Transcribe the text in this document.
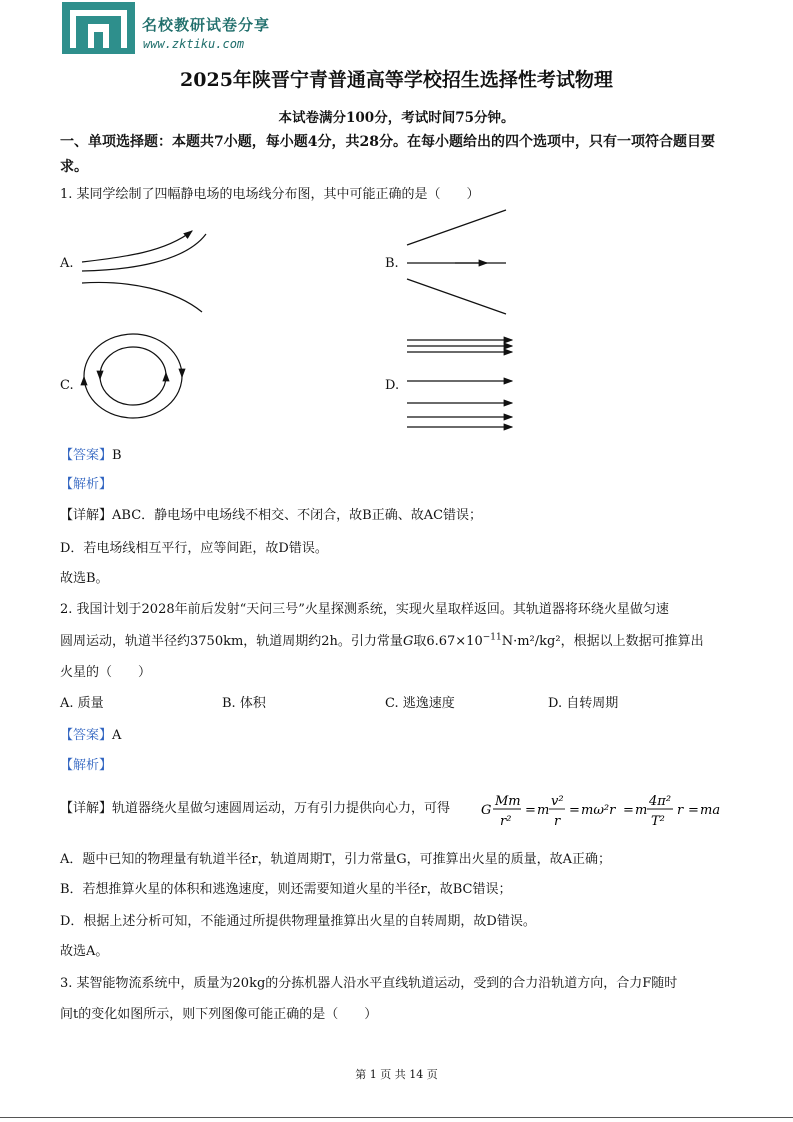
名校教研试卷分享
www.zktiku.com
2025年陕晋宁青普通高等学校招生选择性考试物理
本试卷满分100分，考试时间75分钟。
一、单项选择题：本题共7小题，每小题4分，共28分。在每小题给出的四个选项中，只有一项符合题目要求。
1. 某同学绘制了四幅静电场的电场线分布图，其中可能正确的是（　　）
A.	B.
C.	D.
【答案】B
【解析】
【详解】ABC．静电场中电场线不相交、不闭合，故B正确、故AC错误；
D．若电场线相互平行，应等间距，故D错误。
故选B。
2. 我国计划于2028年前后发射“天问三号”火星探测系统，实现火星取样返回。其轨道器将环绕火星做匀速
圆周运动，轨道半径约3750km，轨道周期约2h。引力常量G取$6.67\times 10^{-11}N\cdot m^2$/kg²，根据以上数据可推算出
火星的（　　）
A. 质量	B. 体积	C. 逃逸速度	D. 自转周期
【答案】A
【解析】
【详解】轨道器绕火星做匀速圆周运动，万有引力提供向心力，可得 G
Mm
r²
= m
v²
r
= mω²r = m
4π²
T²
r = ma
A．题中已知的物理量有轨道半径r，轨道周期T，引力常量G，可推算出火星的质量，故A正确；
B．若想推算火星的体积和逃逸速度，则还需要知道火星的半径r，故BC错误；
D．根据上述分析可知，不能通过所提供物理量推算出火星的自转周期，故D错误。
故选A。
3. 某智能物流系统中，质量为20kg的分拣机器人沿水平直线轨道运动，受到的合力沿轨道方向，合力F随时
间t的变化如图所示，则下列图像可能正确的是（　　）
第 1 页 共 14 页
